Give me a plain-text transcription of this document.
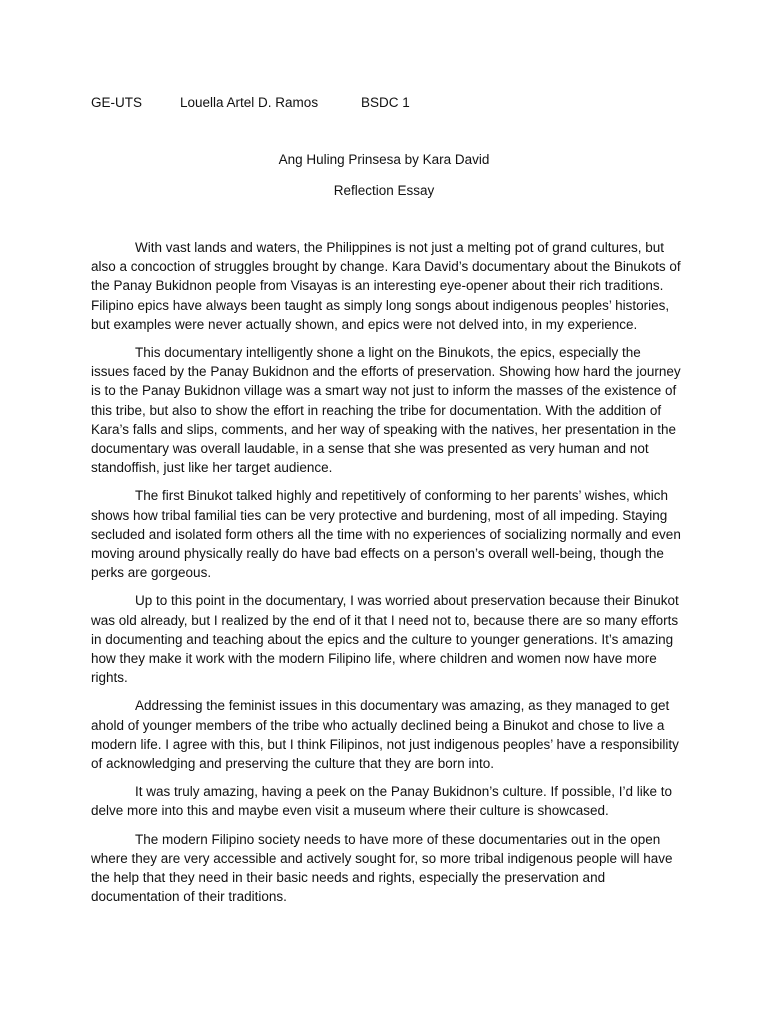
GE-UTS	Louella Artel D. Ramos	BSDC 1
Ang Huling Prinsesa by Kara David
Reflection Essay

With vast lands and waters, the Philippines is not just a melting pot of grand cultures, but also a concoction of struggles brought by change. Kara David’s documentary about the Binukots of the Panay Bukidnon people from Visayas is an interesting eye-opener about their rich traditions. Filipino epics have always been taught as simply long songs about indigenous peoples’ histories, but examples were never actually shown, and epics were not delved into, in my experience.

This documentary intelligently shone a light on the Binukots, the epics, especially the issues faced by the Panay Bukidnon and the efforts of preservation. Showing how hard the journey is to the Panay Bukidnon village was a smart way not just to inform the masses of the existence of this tribe, but also to show the effort in reaching the tribe for documentation. With the addition of Kara’s falls and slips, comments, and her way of speaking with the natives, her presentation in the documentary was overall laudable, in a sense that she was presented as very human and not standoffish, just like her target audience.

The first Binukot talked highly and repetitively of conforming to her parents’ wishes, which shows how tribal familial ties can be very protective and burdening, most of all impeding. Staying secluded and isolated form others all the time with no experiences of socializing normally and even moving around physically really do have bad effects on a person’s overall well-being, though the perks are gorgeous.

Up to this point in the documentary, I was worried about preservation because their Binukot was old already, but I realized by the end of it that I need not to, because there are so many efforts in documenting and teaching about the epics and the culture to younger generations. It’s amazing how they make it work with the modern Filipino life, where children and women now have more rights.

Addressing the feminist issues in this documentary was amazing, as they managed to get ahold of younger members of the tribe who actually declined being a Binukot and chose to live a modern life. I agree with this, but I think Filipinos, not just indigenous peoples’ have a responsibility of acknowledging and preserving the culture that they are born into.

It was truly amazing, having a peek on the Panay Bukidnon’s culture. If possible, I’d like to delve more into this and maybe even visit a museum where their culture is showcased.

The modern Filipino society needs to have more of these documentaries out in the open where they are very accessible and actively sought for, so more tribal indigenous people will have the help that they need in their basic needs and rights, especially the preservation and documentation of their traditions.
